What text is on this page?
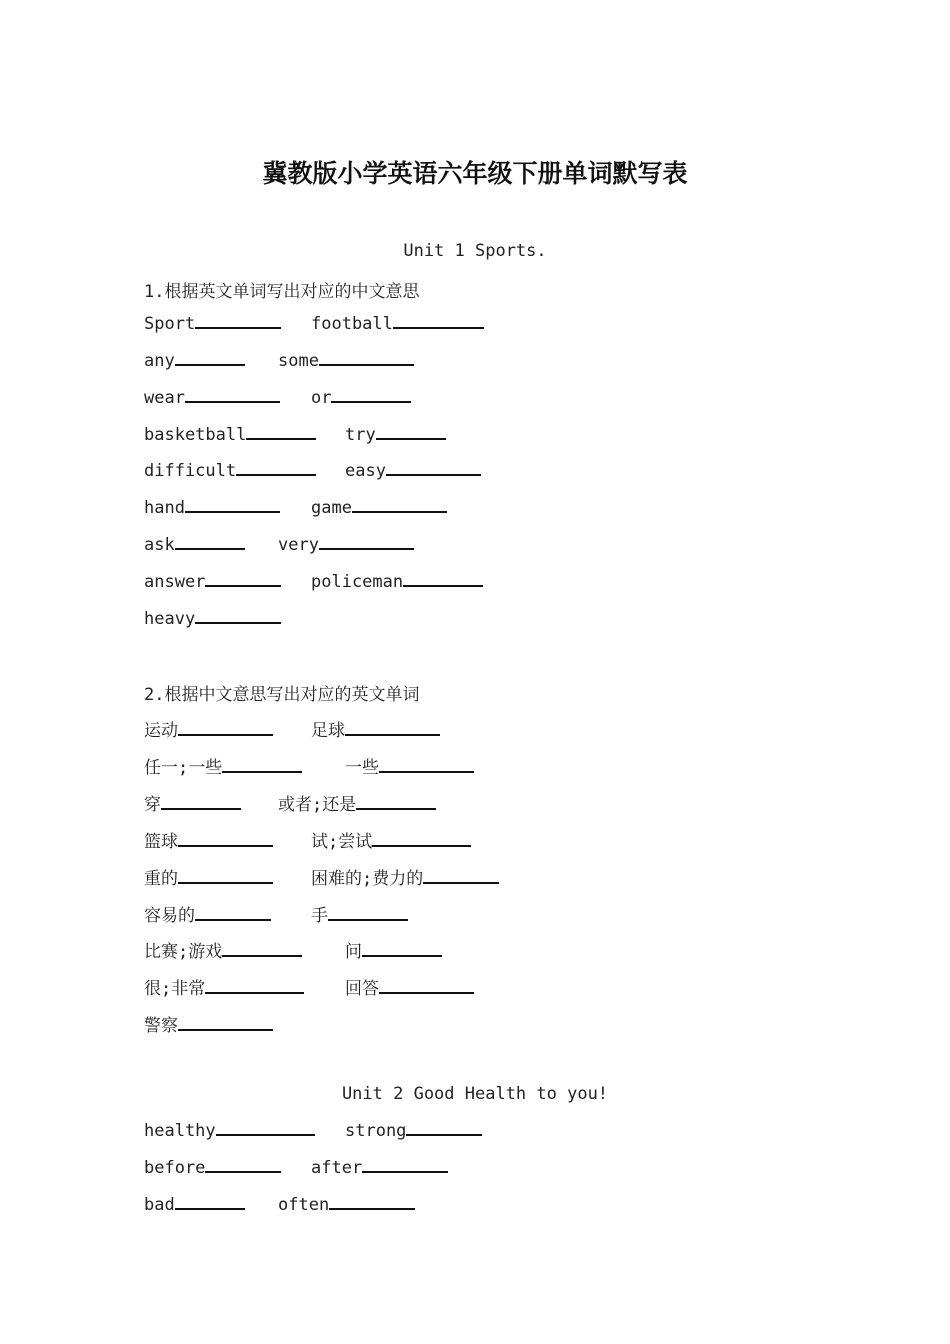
冀教版小学英语六年级下册单词默写表
Unit 1 Sports.
1.根据英文单词写出对应的中文意思
Sport	football
any	some
wear	or
basketball	try
difficult	easy
hand	game
ask	very
answer	policeman
heavy
2.根据中文意思写出对应的英文单词
运动	足球
任一;一些	一些
穿	或者;还是
篮球	试;尝试
重的	困难的;费力的
容易的	手
比赛;游戏	问
很;非常	回答
警察
Unit 2 Good Health to you!
healthy	strong
before	after
bad	often
